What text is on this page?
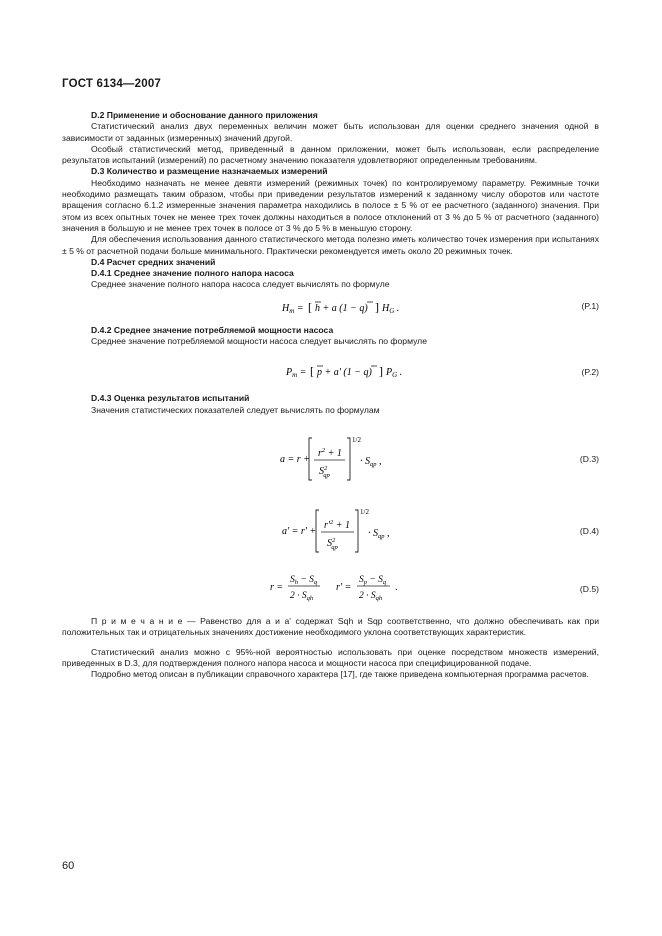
ГОСТ 6134—2007

D.2 Применение и обоснование данного приложения

Статистический анализ двух переменных величин может быть использован для оценки среднего значения одной в зависимости от заданных (измеренных) значений другой.

Особый статистический метод, приведенный в данном приложении, может быть использован, если распределение результатов испытаний (измерений) по расчетному значению показателя удовлетворяют определенным требованиям.

D.3 Количество и размещение назначаемых измерений

Необходимо назначать не менее девяти измерений (режимных точек) по контролируемому параметру. Режимные точки необходимо размещать таким образом, чтобы при приведении результатов измерений к заданному числу оборотов или частоте вращения согласно 6.1.2 измеренные значения параметра находились в полосе ± 5 % от ее расчетного (заданного) значения. При этом из всех опытных точек не менее трех точек должны находиться в полосе отклонений от 3 % до 5 % от расчетного (заданного) значения в большую и не менее трех точек в полосе от 3 % до 5 % в меньшую сторону.

Для обеспечения использования данного статистического метода полезно иметь количество точек измерения при испытаниях ± 5 % от расчетной подачи больше минимального. Практически рекомендуется иметь около 20 режимных точек.

D.4 Расчет средних значений

D.4.1 Среднее значение полного напора насоса

Среднее значение полного напора насоса следует вычислять по формуле

$H_m$ = [ h + a (1 − q) ] $H_G$ .	(P.1)

D.4.2 Среднее значение потребляемой мощности насоса

Среднее значение потребляемой мощности насоса следует вычислять по формуле

$P_m$ = [ p + a' (1 − q) ] $P_G$ .	(P.2)

D.4.3 Оценка результатов испытаний

Значения статистических показателей следует вычислять по формулам

a = r +
$r^2 + 1$
$S^2$ qp
1/2
· $S_{qp}$ ,	(D.3)
a' = r' +
$r'^2 + 1$
$S^2$ qp
1/2
· $S_{qp}$ ,	(D.4)
r =
$S_h - S_q$
$2 \cdot S_{qh}$
r' =
$S_p - S_q$
$2 \cdot S_{qh}$
.	(D.5)

П р и м е ч а н и е — Равенство для a и a' содержат Sqh и Sqp соответственно, что должно обеспечивать как при положительных так и отрицательных значениях достижение необходимого уклона соответствующих характеристик.

Статистический анализ можно с 95%-ной вероятностью использовать при оценке посредством множеств измерений, приведенных в D.3, для подтверждения полного напора насоса и мощности насоса при специфицированной подаче.

Подробно метод описан в публикации справочного характера [17], где также приведена компьютерная программа расчетов.

60
